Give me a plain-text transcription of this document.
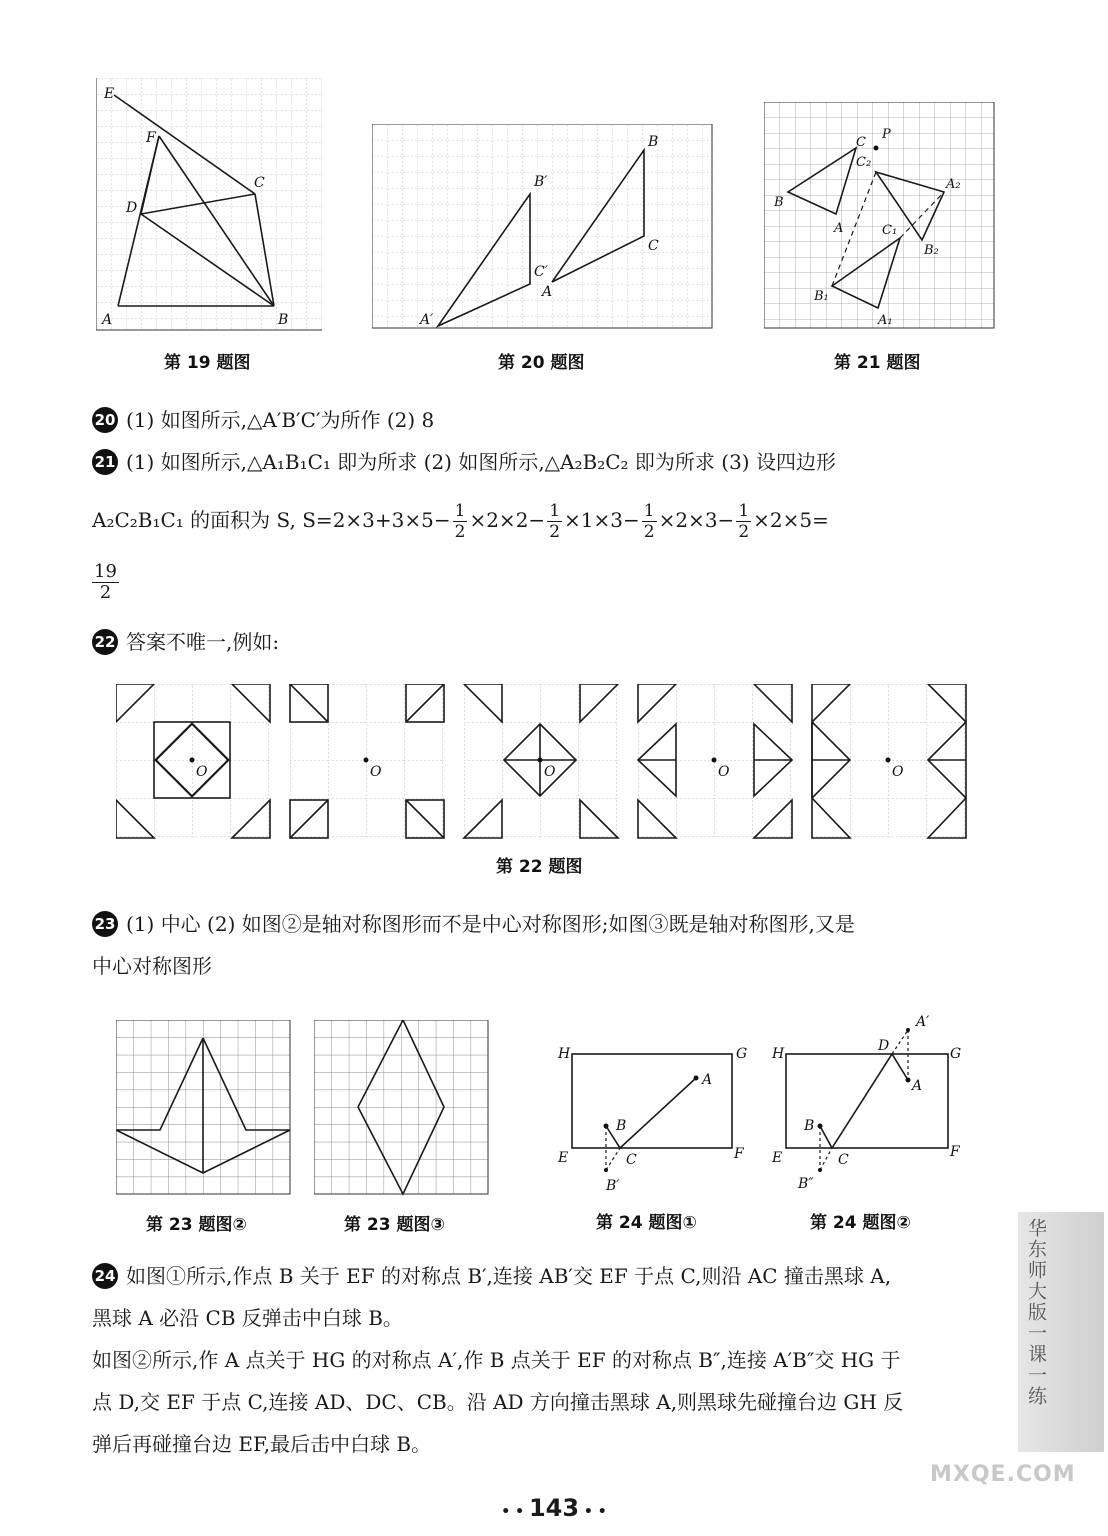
E
F
C
D
A	B
第 19 题图
B
B′
C
C′
A
A′
第 20 题图
C
P
C₂
A₂
B
A	C₁
B₂
B₁
A₁
第 21 题图
20 (1) 如图所示,△A′B′C′为所作 (2) 8
21 (1) 如图所示,△A₁B₁C₁ 即为所求 (2) 如图所示,△A₂B₂C₂ 即为所求 (3) 设四边形
A₂C₂B₁C₁ 的面积为 S, $S=2\times 3+3\times 5- \frac{1}{2} \times 2\times 2- \frac{1}{2} \times 1\times 3- \frac{1}{2} \times 2\times 3- \frac{1}{2} \times 2\times 5=$
$\frac{19}{2}$
22 答案不唯一,例如:
O	O	O	O	O
第 22 题图
23 (1) 中心 (2) 如图②是轴对称图形而不是中心对称图形;如图③既是轴对称图形,又是
中心对称图形
第 23 题图②	第 23 题图③
H	G
A
B
E	C	F
B′
第 24 题图①
H	G
D
A′
A
B
E	C	F
B″
第 24 题图②
24 如图①所示,作点 B 关于 EF 的对称点 B′,连接 AB′交 EF 于点 C,则沿 AC 撞击黑球 A,
黑球 A 必沿 CB 反弹击中白球 B。
如图②所示,作 A 点关于 HG 的对称点 A′,作 B 点关于 EF 的对称点 B″,连接 A′B″交 HG 于
点 D,交 EF 于点 C,连接 AD、DC、CB。沿 AD 方向撞击黑球 A,则黑球先碰撞台边 GH 反
弹后再碰撞台边 EF,最后击中白球 B。
华东师大版一课一练
• • 143 • •
MXQE.COM
